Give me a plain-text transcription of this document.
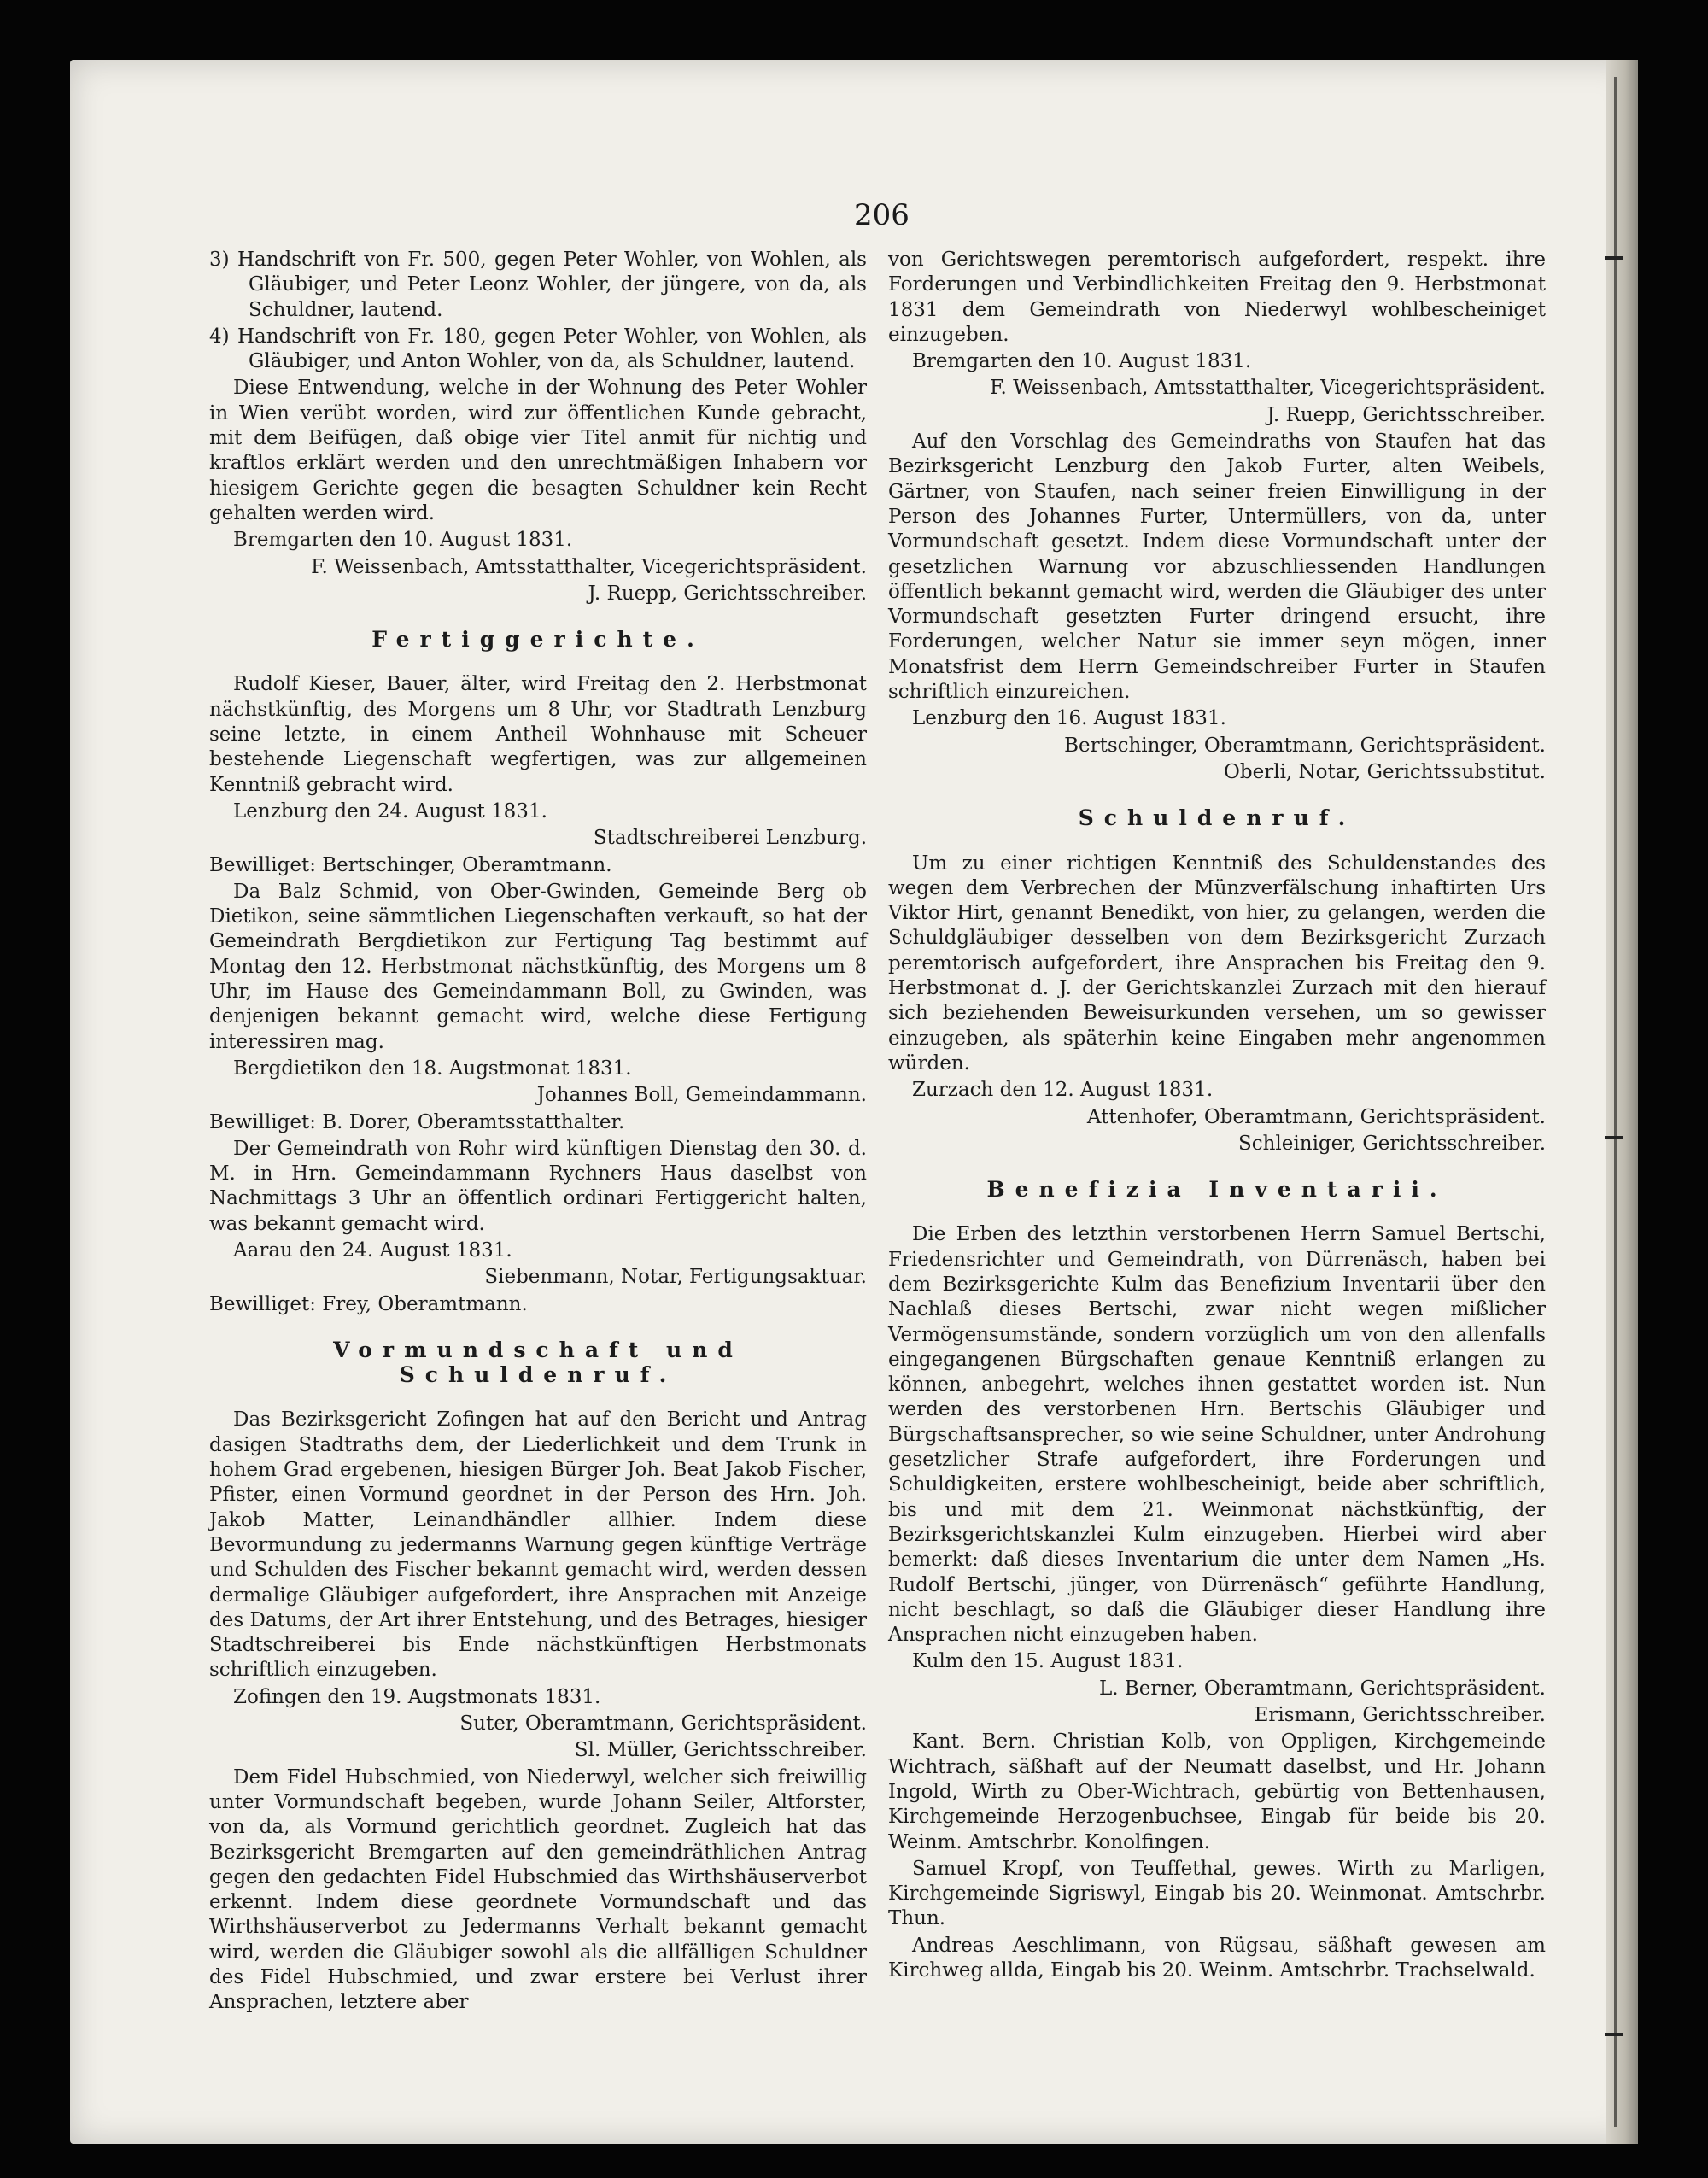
206

3) Handschrift von Fr. 500, gegen Peter Wohler, von Wohlen, als Gläubiger, und Peter Leonz Wohler, der jüngere, von da, als Schuldner, lautend.

4) Handschrift von Fr. 180, gegen Peter Wohler, von Wohlen, als Gläubiger, und Anton Wohler, von da, als Schuldner, lautend.

Diese Entwendung, welche in der Wohnung des Peter Wohler in Wien verübt worden, wird zur öffentlichen Kunde gebracht, mit dem Beifügen, daß obige vier Titel anmit für nichtig und kraftlos erklärt werden und den unrechtmäßigen Inhabern vor hiesigem Gerichte gegen die besagten Schuldner kein Recht gehalten werden wird.

Bremgarten den 10. August 1831.

F. Weissenbach, Amtsstatthalter, Vicegerichtspräsident.

J. Ruepp, Gerichtsschreiber.

Fertiggerichte.

Rudolf Kieser, Bauer, älter, wird Freitag den 2. Herbstmonat nächstkünftig, des Morgens um 8 Uhr, vor Stadtrath Lenzburg seine letzte, in einem Antheil Wohnhause mit Scheuer bestehende Liegenschaft wegfertigen, was zur allgemeinen Kenntniß gebracht wird.

Lenzburg den 24. August 1831.

Stadtschreiberei Lenzburg.

Bewilliget: Bertschinger, Oberamtmann.

Da Balz Schmid, von Ober-Gwinden, Gemeinde Berg ob Dietikon, seine sämmtlichen Liegenschaften verkauft, so hat der Gemeindrath Bergdietikon zur Fertigung Tag bestimmt auf Montag den 12. Herbstmonat nächstkünftig, des Morgens um 8 Uhr, im Hause des Gemeindammann Boll, zu Gwinden, was denjenigen bekannt gemacht wird, welche diese Fertigung interessiren mag.

Bergdietikon den 18. Augstmonat 1831.

Johannes Boll, Gemeindammann.

Bewilliget: B. Dorer, Oberamtsstatthalter.

Der Gemeindrath von Rohr wird künftigen Dienstag den 30. d. M. in Hrn. Gemeindammann Rychners Haus daselbst von Nachmittags 3 Uhr an öffentlich ordinari Fertiggericht halten, was bekannt gemacht wird.

Aarau den 24. August 1831.

Siebenmann, Notar, Fertigungsaktuar.

Bewilliget: Frey, Oberamtmann.

Vormundschaft und Schuldenruf.

Das Bezirksgericht Zofingen hat auf den Bericht und Antrag dasigen Stadtraths dem, der Liederlichkeit und dem Trunk in hohem Grad ergebenen, hiesigen Bürger Joh. Beat Jakob Fischer, Pfister, einen Vormund geordnet in der Person des Hrn. Joh. Jakob Matter, Leinandhändler allhier. Indem diese Bevormundung zu jedermanns Warnung gegen künftige Verträge und Schulden des Fischer bekannt gemacht wird, werden dessen dermalige Gläubiger aufgefordert, ihre Ansprachen mit Anzeige des Datums, der Art ihrer Entstehung, und des Betrages, hiesiger Stadtschreiberei bis Ende nächstkünftigen Herbstmonats schriftlich einzugeben.

Zofingen den 19. Augstmonats 1831.

Suter, Oberamtmann, Gerichtspräsident.

Sl. Müller, Gerichtsschreiber.

Dem Fidel Hubschmied, von Niederwyl, welcher sich freiwillig unter Vormundschaft begeben, wurde Johann Seiler, Altforster, von da, als Vormund gerichtlich geordnet. Zugleich hat das Bezirksgericht Bremgarten auf den gemeindräthlichen Antrag gegen den gedachten Fidel Hubschmied das Wirthshäuserverbot erkennt. Indem diese geordnete Vormundschaft und das Wirthshäuserverbot zu Jedermanns Verhalt bekannt gemacht wird, werden die Gläubiger sowohl als die allfälligen Schuldner des Fidel Hubschmied, und zwar erstere bei Verlust ihrer Ansprachen, letztere aber

von Gerichtswegen peremtorisch aufgefordert, respekt. ihre Forderungen und Verbindlichkeiten Freitag den 9. Herbstmonat 1831 dem Gemeindrath von Niederwyl wohlbescheiniget einzugeben.

Bremgarten den 10. August 1831.

F. Weissenbach, Amtsstatthalter, Vicegerichtspräsident.

J. Ruepp, Gerichtsschreiber.

Auf den Vorschlag des Gemeindraths von Staufen hat das Bezirksgericht Lenzburg den Jakob Furter, alten Weibels, Gärtner, von Staufen, nach seiner freien Einwilligung in der Person des Johannes Furter, Untermüllers, von da, unter Vormundschaft gesetzt. Indem diese Vormundschaft unter der gesetzlichen Warnung vor abzuschliessenden Handlungen öffentlich bekannt gemacht wird, werden die Gläubiger des unter Vormundschaft gesetzten Furter dringend ersucht, ihre Forderungen, welcher Natur sie immer seyn mögen, inner Monatsfrist dem Herrn Gemeindschreiber Furter in Staufen schriftlich einzureichen.

Lenzburg den 16. August 1831.

Bertschinger, Oberamtmann, Gerichtspräsident.

Oberli, Notar, Gerichtssubstitut.

Schuldenruf.

Um zu einer richtigen Kenntniß des Schuldenstandes des wegen dem Verbrechen der Münzverfälschung inhaftirten Urs Viktor Hirt, genannt Benedikt, von hier, zu gelangen, werden die Schuldgläubiger desselben von dem Bezirksgericht Zurzach peremtorisch aufgefordert, ihre Ansprachen bis Freitag den 9. Herbstmonat d. J. der Gerichtskanzlei Zurzach mit den hierauf sich beziehenden Beweisurkunden versehen, um so gewisser einzugeben, als späterhin keine Eingaben mehr angenommen würden.

Zurzach den 12. August 1831.

Attenhofer, Oberamtmann, Gerichtspräsident.

Schleiniger, Gerichtsschreiber.

Benefizia Inventarii.

Die Erben des letzthin verstorbenen Herrn Samuel Bertschi, Friedensrichter und Gemeindrath, von Dürrenäsch, haben bei dem Bezirksgerichte Kulm das Benefizium Inventarii über den Nachlaß dieses Bertschi, zwar nicht wegen mißlicher Vermögensumstände, sondern vorzüglich um von den allenfalls eingegangenen Bürgschaften genaue Kenntniß erlangen zu können, anbegehrt, welches ihnen gestattet worden ist. Nun werden des verstorbenen Hrn. Bertschis Gläubiger und Bürgschaftsansprecher, so wie seine Schuldner, unter Androhung gesetzlicher Strafe aufgefordert, ihre Forderungen und Schuldigkeiten, erstere wohlbescheinigt, beide aber schriftlich, bis und mit dem 21. Weinmonat nächstkünftig, der Bezirksgerichtskanzlei Kulm einzugeben. Hierbei wird aber bemerkt: daß dieses Inventarium die unter dem Namen „Hs. Rudolf Bertschi, jünger, von Dürrenäsch“ geführte Handlung, nicht beschlagt, so daß die Gläubiger dieser Handlung ihre Ansprachen nicht einzugeben haben.

Kulm den 15. August 1831.

L. Berner, Oberamtmann, Gerichtspräsident.

Erismann, Gerichtsschreiber.

Kant. Bern. Christian Kolb, von Oppligen, Kirchgemeinde Wichtrach, säßhaft auf der Neumatt daselbst, und Hr. Johann Ingold, Wirth zu Ober-Wichtrach, gebürtig von Bettenhausen, Kirchgemeinde Herzogenbuchsee, Eingab für beide bis 20. Weinm. Amtschrbr. Konolfingen.

Samuel Kropf, von Teuffethal, gewes. Wirth zu Marligen, Kirchgemeinde Sigriswyl, Eingab bis 20. Weinmonat. Amtschrbr. Thun.

Andreas Aeschlimann, von Rügsau, säßhaft gewesen am Kirchweg allda, Eingab bis 20. Weinm. Amtschrbr. Trachselwald.
